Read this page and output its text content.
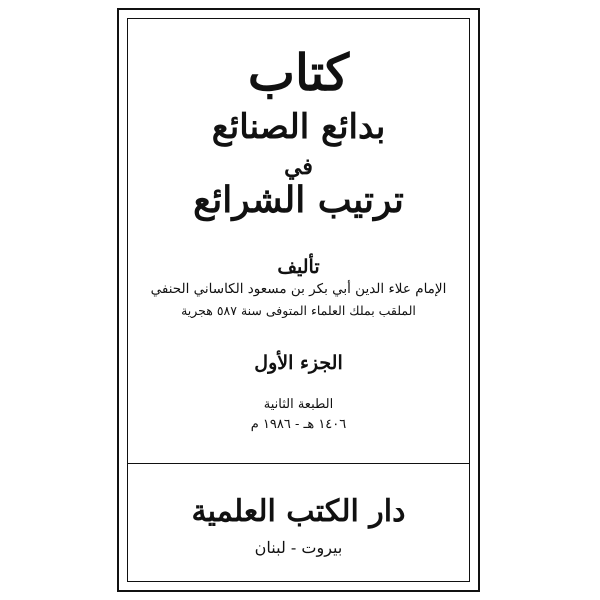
كتاب
بدائع الصنائع
في
ترتيب الشرائع
تأليف
الإمام علاء الدين أبي بكر بن مسعود الكاساني الحنفي
الملقب بملك العلماء المتوفى سنة ٥٨٧ هجرية
الجزء الأول
الطبعة الثانية
١٤٠٦ هـ - ١٩٨٦ م
دار الكتب العلمية
بيروت - لبنان
